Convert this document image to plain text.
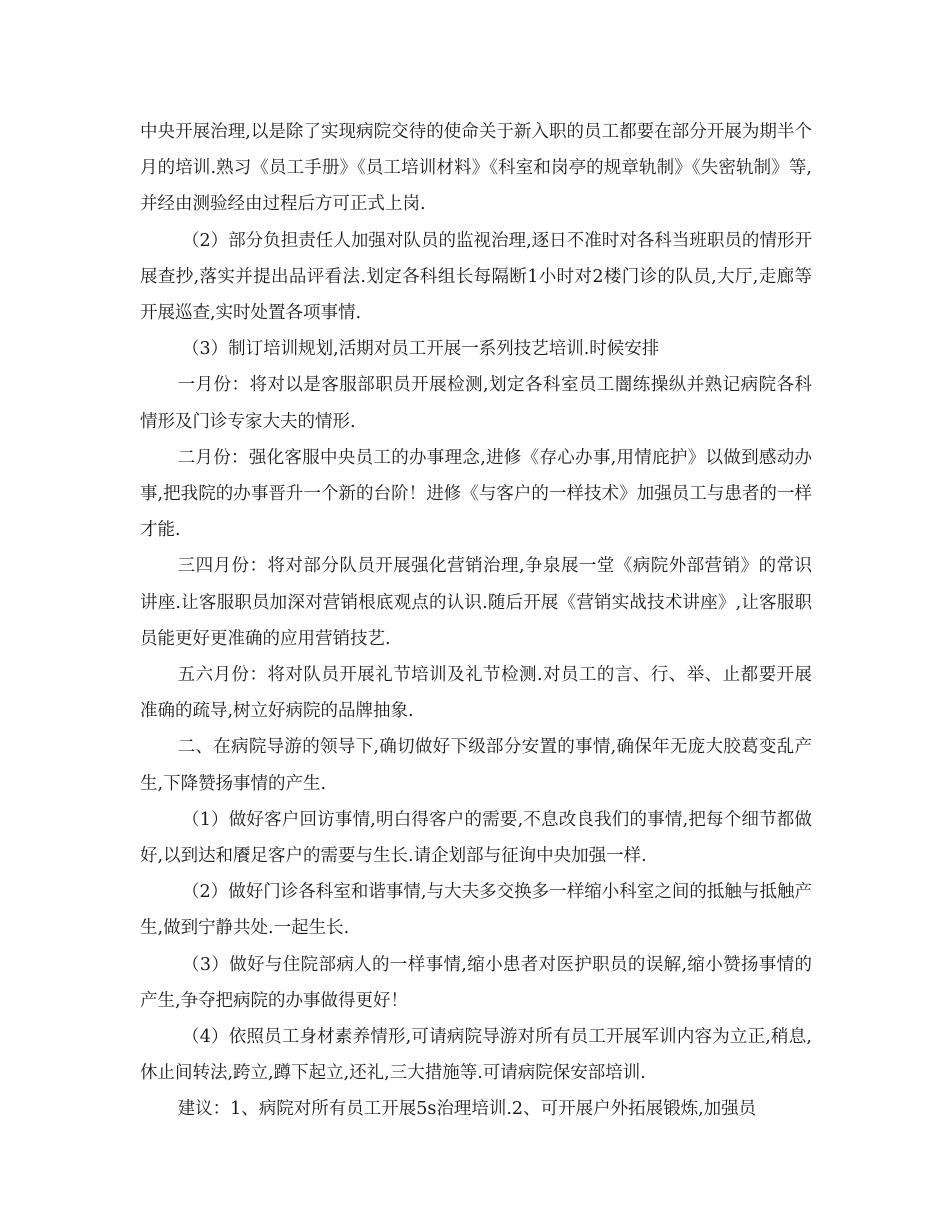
中央开展治理,以是除了实现病院交待的使命关于新入职的员工都要在部分开展为期半个月的培训.熟习《员工手册》《员工培训材料》《科室和岗亭的规章轨制》《失密轨制》等,并经由测验经由过程后方可正式上岗.

（2）部分负担责任人加强对队员的监视治理,逐日不准时对各科当班职员的情形开展查抄,落实并提出品评看法.划定各科组长每隔断1小时对2楼门诊的队员,大厅,走廊等开展巡查,实时处置各项事情.

（3）制订培训规划,活期对员工开展一系列技艺培训.时候安排

一月份：将对以是客服部职员开展检测,划定各科室员工闇练操纵并熟记病院各科情形及门诊专家大夫的情形.

二月份：强化客服中央员工的办事理念,进修《存心办事,用情庇护》以做到感动办事,把我院的办事晋升一个新的台阶！进修《与客户的一样技术》加强员工与患者的一样才能.

三四月份：将对部分队员开展强化营销治理,争泉展一堂《病院外部营销》的常识讲座.让客服职员加深对营销根底观点的认识.随后开展《营销实战技术讲座》,让客服职员能更好更准确的应用营销技艺.

五六月份：将对队员开展礼节培训及礼节检测.对员工的言、行、举、止都要开展准确的疏导,树立好病院的品牌抽象.

二、在病院导游的领导下,确切做好下级部分安置的事情,确保年无庞大胶葛变乱产生,下降赞扬事情的产生.

（1）做好客户回访事情,明白得客户的需要,不息改良我们的事情,把每个细节都做好,以到达和餍足客户的需要与生长.请企划部与征询中央加强一样.

（2）做好门诊各科室和谐事情,与大夫多交换多一样缩小科室之间的抵触与抵触产生,做到宁静共处.一起生长.

（3）做好与住院部病人的一样事情,缩小患者对医护职员的误解,缩小赞扬事情的产生,争夺把病院的办事做得更好！

（4）依照员工身材素养情形,可请病院导游对所有员工开展军训内容为立正,稍息,休止间转法,跨立,蹲下起立,还礼,三大措施等.可请病院保安部培训.

建议：1、病院对所有员工开展5s治理培训.2、可开展户外拓展锻炼,加强员
